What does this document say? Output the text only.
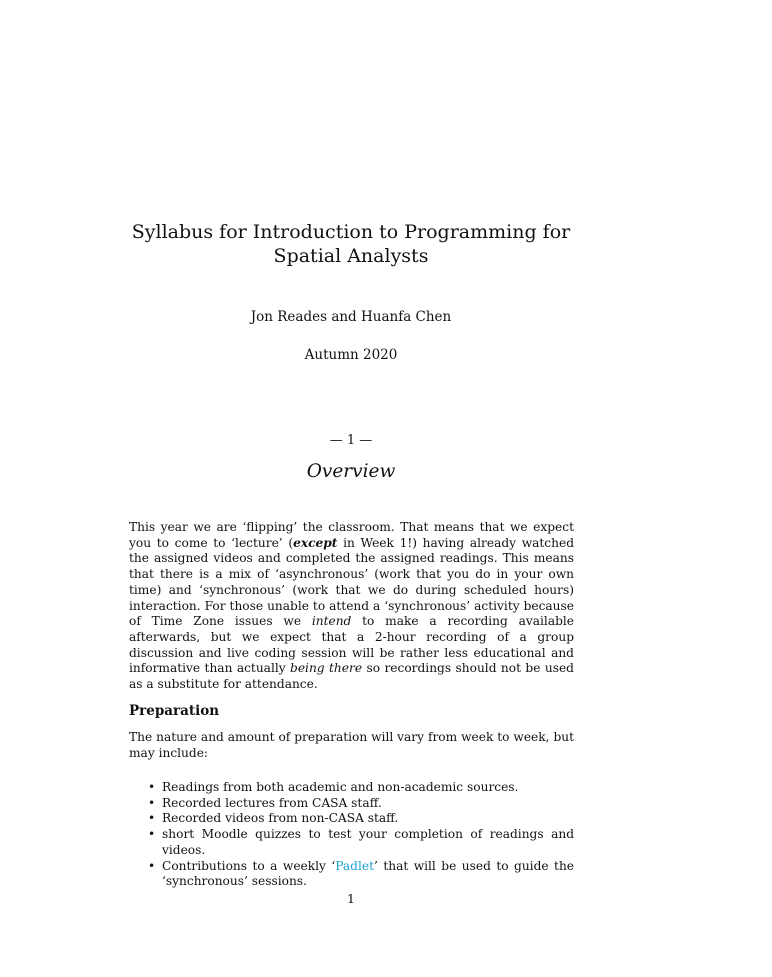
Syllabus for Introduction to Programming for Spatial Analysts
Jon Reades and Huanfa Chen
Autumn 2020
— 1 —
Overview

This year we are ‘flipping’ the classroom. That means that we expect you to come to ‘lecture’ (except in Week 1!) having already watched the assigned videos and completed the assigned readings. This means that there is a mix of ‘asynchronous’ (work that you do in your own time) and ‘synchronous’ (work that we do during scheduled hours) interaction. For those unable to attend a ‘synchronous’ activity because of Time Zone issues we intend to make a recording available afterwards, but we expect that a 2-hour recording of a group discussion and live coding session will be rather less educational and informative than actually being there so recordings should not be used as a substitute for attendance.

Preparation

The nature and amount of preparation will vary from week to week, but may include:

• Readings from both academic and non-academic sources.
• Recorded lectures from CASA staff.
• Recorded videos from non-CASA staff.
• short Moodle quizzes to test your completion of readings and videos.
• Contributions to a weekly ‘Padlet’ that will be used to guide the ‘synchronous’ sessions.
1
